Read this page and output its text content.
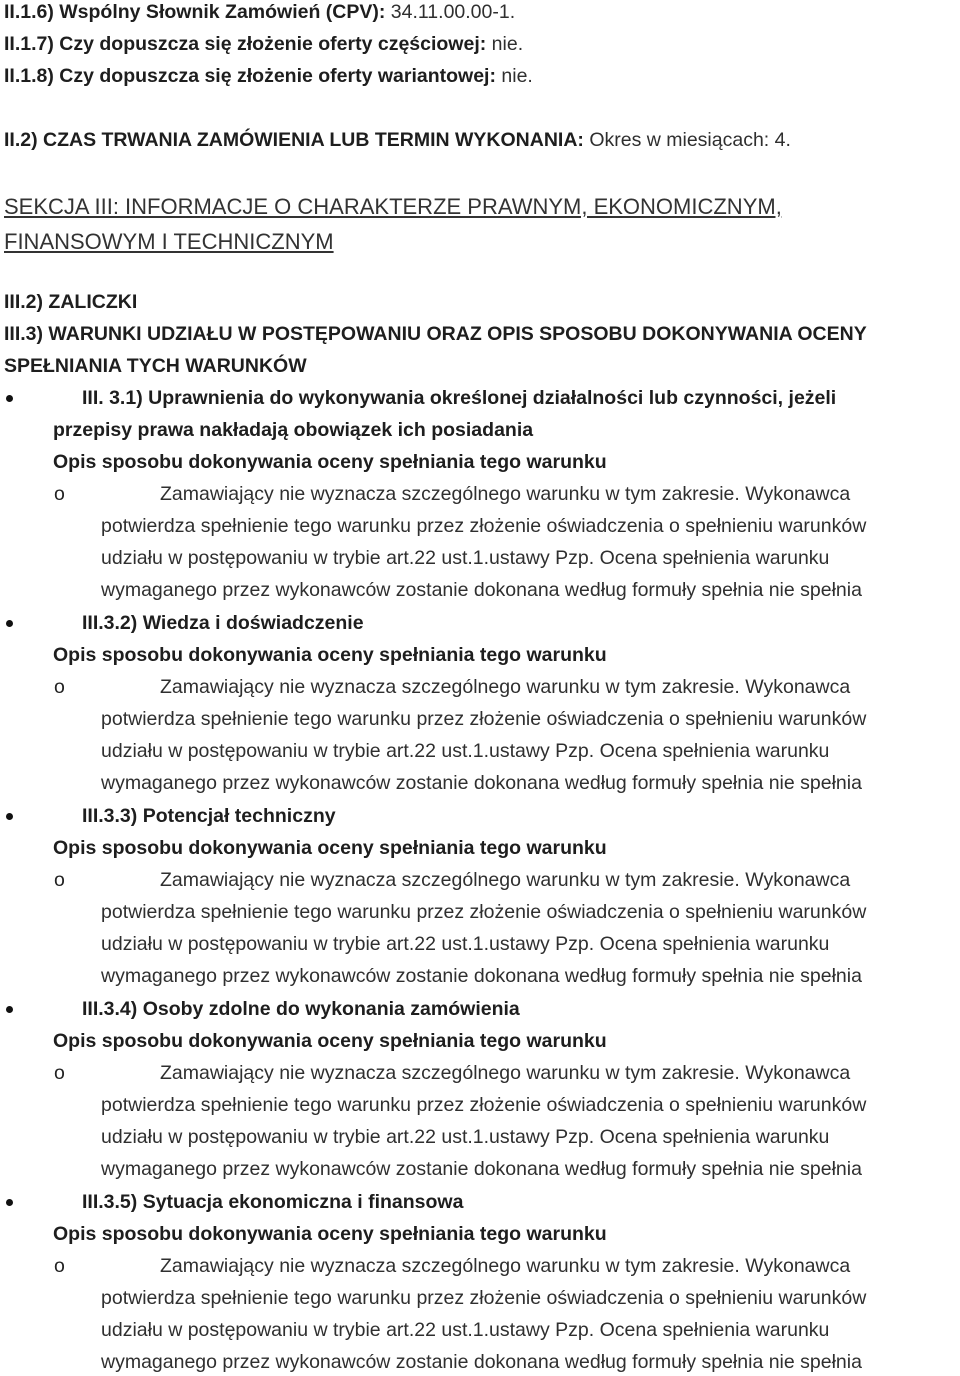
II.1.6) Wspólny Słownik Zamówień (CPV): 34.11.00.00-1.
II.1.7) Czy dopuszcza się złożenie oferty częściowej: nie.
II.1.8) Czy dopuszcza się złożenie oferty wariantowej: nie.
II.2) CZAS TRWANIA ZAMÓWIENIA LUB TERMIN WYKONANIA: Okres w miesiącach: 4.
SEKCJA III: INFORMACJE O CHARAKTERZE PRAWNYM, EKONOMICZNYM,
FINANSOWYM I TECHNICZNYM
III.2) ZALICZKI
III.3) WARUNKI UDZIAŁU W POSTĘPOWANIU ORAZ OPIS SPOSOBU DOKONYWANIA OCENY
SPEŁNIANIA TYCH WARUNKÓW
III. 3.1) Uprawnienia do wykonywania określonej działalności lub czynności, jeżeli
przepisy prawa nakładają obowiązek ich posiadania
Opis sposobu dokonywania oceny spełniania tego warunku
o	Zamawiający nie wyznacza szczególnego warunku w tym zakresie. Wykonawca
potwierdza spełnienie tego warunku przez złożenie oświadczenia o spełnieniu warunków
udziału w postępowaniu w trybie art.22 ust.1.ustawy Pzp. Ocena spełnienia warunku
wymaganego przez wykonawców zostanie dokonana według formuły spełnia nie spełnia
III.3.2) Wiedza i doświadczenie
Opis sposobu dokonywania oceny spełniania tego warunku
o	Zamawiający nie wyznacza szczególnego warunku w tym zakresie. Wykonawca
potwierdza spełnienie tego warunku przez złożenie oświadczenia o spełnieniu warunków
udziału w postępowaniu w trybie art.22 ust.1.ustawy Pzp. Ocena spełnienia warunku
wymaganego przez wykonawców zostanie dokonana według formuły spełnia nie spełnia
III.3.3) Potencjał techniczny
Opis sposobu dokonywania oceny spełniania tego warunku
o	Zamawiający nie wyznacza szczególnego warunku w tym zakresie. Wykonawca
potwierdza spełnienie tego warunku przez złożenie oświadczenia o spełnieniu warunków
udziału w postępowaniu w trybie art.22 ust.1.ustawy Pzp. Ocena spełnienia warunku
wymaganego przez wykonawców zostanie dokonana według formuły spełnia nie spełnia
III.3.4) Osoby zdolne do wykonania zamówienia
Opis sposobu dokonywania oceny spełniania tego warunku
o	Zamawiający nie wyznacza szczególnego warunku w tym zakresie. Wykonawca
potwierdza spełnienie tego warunku przez złożenie oświadczenia o spełnieniu warunków
udziału w postępowaniu w trybie art.22 ust.1.ustawy Pzp. Ocena spełnienia warunku
wymaganego przez wykonawców zostanie dokonana według formuły spełnia nie spełnia
III.3.5) Sytuacja ekonomiczna i finansowa
Opis sposobu dokonywania oceny spełniania tego warunku
o	Zamawiający nie wyznacza szczególnego warunku w tym zakresie. Wykonawca
potwierdza spełnienie tego warunku przez złożenie oświadczenia o spełnieniu warunków
udziału w postępowaniu w trybie art.22 ust.1.ustawy Pzp. Ocena spełnienia warunku
wymaganego przez wykonawców zostanie dokonana według formuły spełnia nie spełnia
